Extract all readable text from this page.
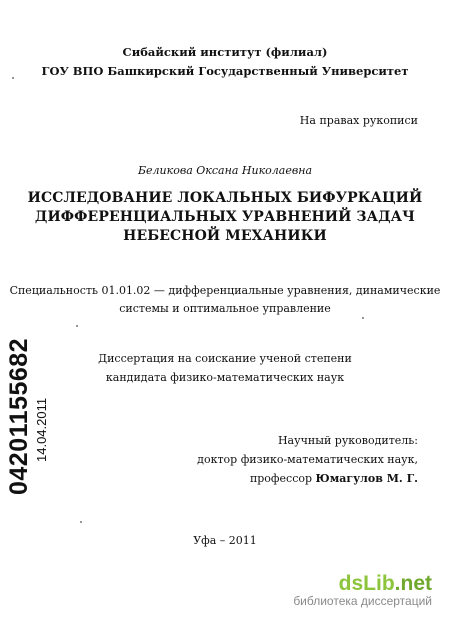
Сибайский институт (филиал)
ГОУ ВПО Башкирский Государственный Университет
На правах рукописи
Беликова Оксана Николаевна
ИССЛЕДОВАНИЕ ЛОКАЛЬНЫХ БИФУРКАЦИЙ
ДИФФЕРЕНЦИАЛЬНЫХ УРАВНЕНИЙ ЗАДАЧ
НЕБЕСНОЙ МЕХАНИКИ
Специальность 01.01.02 — дифференциальные уравнения, динамические
системы и оптимальное управление
Диссертация на соискание ученой степени
кандидата физико-математических наук
Научный руководитель:
доктор физико-математических наук,
профессор Юмагулов М. Г.
Уфа – 2011
04201155682 14.04.2011
dsLib.net
библиотека диссертаций
